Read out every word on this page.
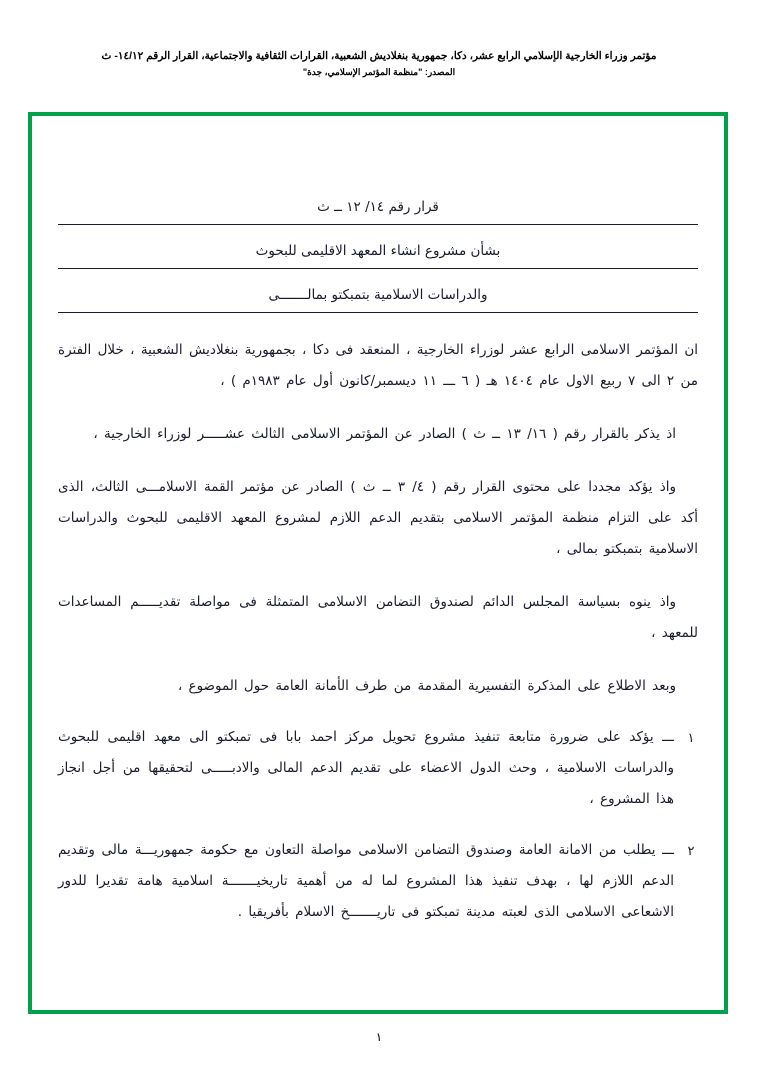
مؤتمر وزراء الخارجية الإسلامي الرابع عشر، دكا، جمهورية بنغلاديش الشعبية، القرارات الثقافية والاجتماعية، القرار الرقم ١٤/١٢- ث
المصدر: "منظمة المؤتمر الإسلامي، جدة"
قرار رقم ١٤/ ١٢ ــ ث
بشأن مشروع انشاء المعهد الاقليمى للبحوث
والدراسات الاسلامية بتمبكتو بمالـــــــى
ان المؤتمر الاسلامى الرابع عشر لوزراء الخارجية ، المنعقد فى دكا ، بجمهورية بنغلاديش الشعبية ، خلال الفترة من ٢ الى ٧ ربيع الاول عام ١٤٠٤ هـ ( ٦ ـــ ١١ ديسمبر/كانون أول عام ١٩٨٣م ) ،
اذ يذكر بالقرار رقم ( ١٦/ ١٣ ــ ث ) الصادر عن المؤتمر الاسلامى الثالث عشـــــر لوزراء الخارجية ،
واذ يؤكد مجددا على محتوى القرار رقم ( ٤/ ٣ ــ ث ) الصادر عن مؤتمر القمة الاسلامـــى الثالث، الذى أكد على التزام منظمة المؤتمر الاسلامى بتقديم الدعم اللازم لمشروع المعهد الاقليمى للبحوث والدراسات الاسلامية بتمبكتو بمالى ،
واذ ينوه بسياسة المجلس الدائم لصندوق التضامن الاسلامى المتمثلة فى مواصلة تقديـــــم المساعدات للمعهد ،
وبعد الاطلاع على المذكرة التفسيرية المقدمة من طرف الأمانة العامة حول الموضوع ،
١
ـــ يؤكد على ضرورة متابعة تنفيذ مشروع تحويل مركز احمد بابا فى تمبكتو الى معهد اقليمى للبحوث والدراسات الاسلامية ، وحث الدول الاعضاء على تقديم الدعم المالى والادبـــــى لتحقيقها من أجل انجاز هذا المشروع ،
٢
ـــ يطلب من الامانة العامة وصندوق التضامن الاسلامى مواصلة التعاون مع حكومة جمهوريـــة مالى وتقديم الدعم اللازم لها ، بهدف تنفيذ هذا المشروع لما له من أهمية تاريخيـــــــة اسلامية هامة تقديرا للدور الاشعاعى الاسلامى الذى لعبته مدينة تمبكتو فى تاريـــــــخ الاسلام بأفريقيا .
١
